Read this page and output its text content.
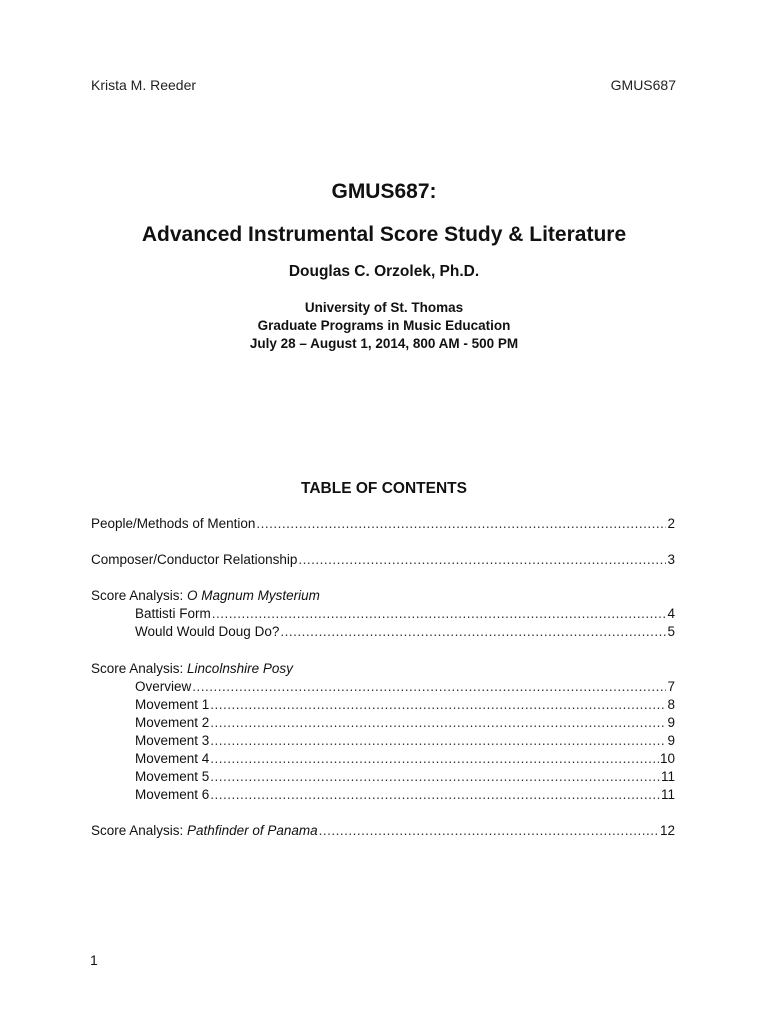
Krista M. Reeder	GMUS687
GMUS687:
Advanced Instrumental Score Study & Literature
Douglas C. Orzolek, Ph.D.
University of St. Thomas
Graduate Programs in Music Education
July 28 – August 1, 2014, 800 AM - 500 PM
TABLE OF CONTENTS
People/Methods of Mention .....	2
Composer/Conductor Relationship .....	3
Score Analysis: O Magnum Mysterium
Battisti Form .....	4
Would Would Doug Do? .....	5
Score Analysis: Lincolnshire Posy
Overview .....	7
Movement 1 .....	8
Movement 2 .....	9
Movement 3 .....	9
Movement 4 .....	10
Movement 5 .....	11
Movement 6 .....	11
Score Analysis: Pathfinder of Panama .....	12
1
